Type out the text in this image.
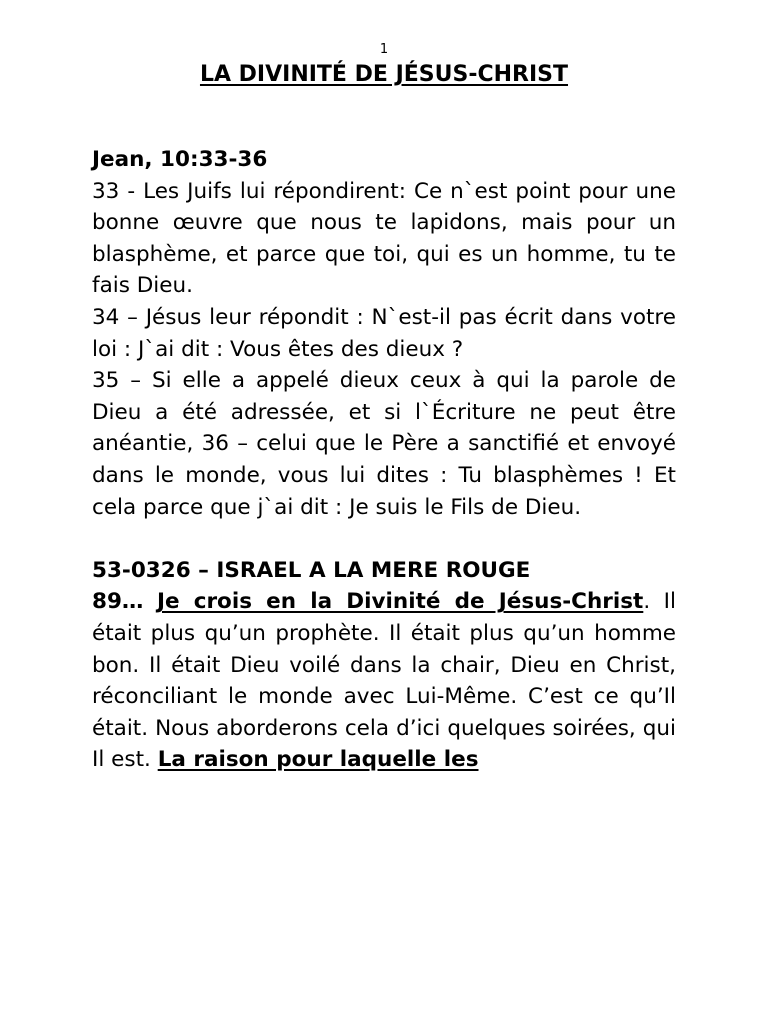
1
LA DIVINITÉ DE JÉSUS-CHRIST

Jean, 10:33-36

33 - Les Juifs lui répondirent: Ce n`est point pour une bonne œuvre que nous te lapidons, mais pour un blasphème, et parce que toi, qui es un homme, tu te fais Dieu.

34 – Jésus leur répondit : N`est-il pas écrit dans votre loi : J`ai dit : Vous êtes des dieux ?

35 – Si elle a appelé dieux ceux à qui la parole de Dieu a été adressée, et si l`Écriture ne peut être anéantie, 36 – celui que le Père a sanctifié et envoyé dans le monde, vous lui dites : Tu blasphèmes ! Et cela parce que j`ai dit : Je suis le Fils de Dieu.

53-0326 – ISRAEL A LA MERE ROUGE

89… Je crois en la Divinité de Jésus-Christ. Il était plus qu’un prophète. Il était plus qu’un homme bon. Il était Dieu voilé dans la chair, Dieu en Christ, réconciliant le monde avec Lui-Même. C’est ce qu’Il était. Nous aborderons cela d’ici quelques soirées, qui Il est. La raison pour laquelle les
